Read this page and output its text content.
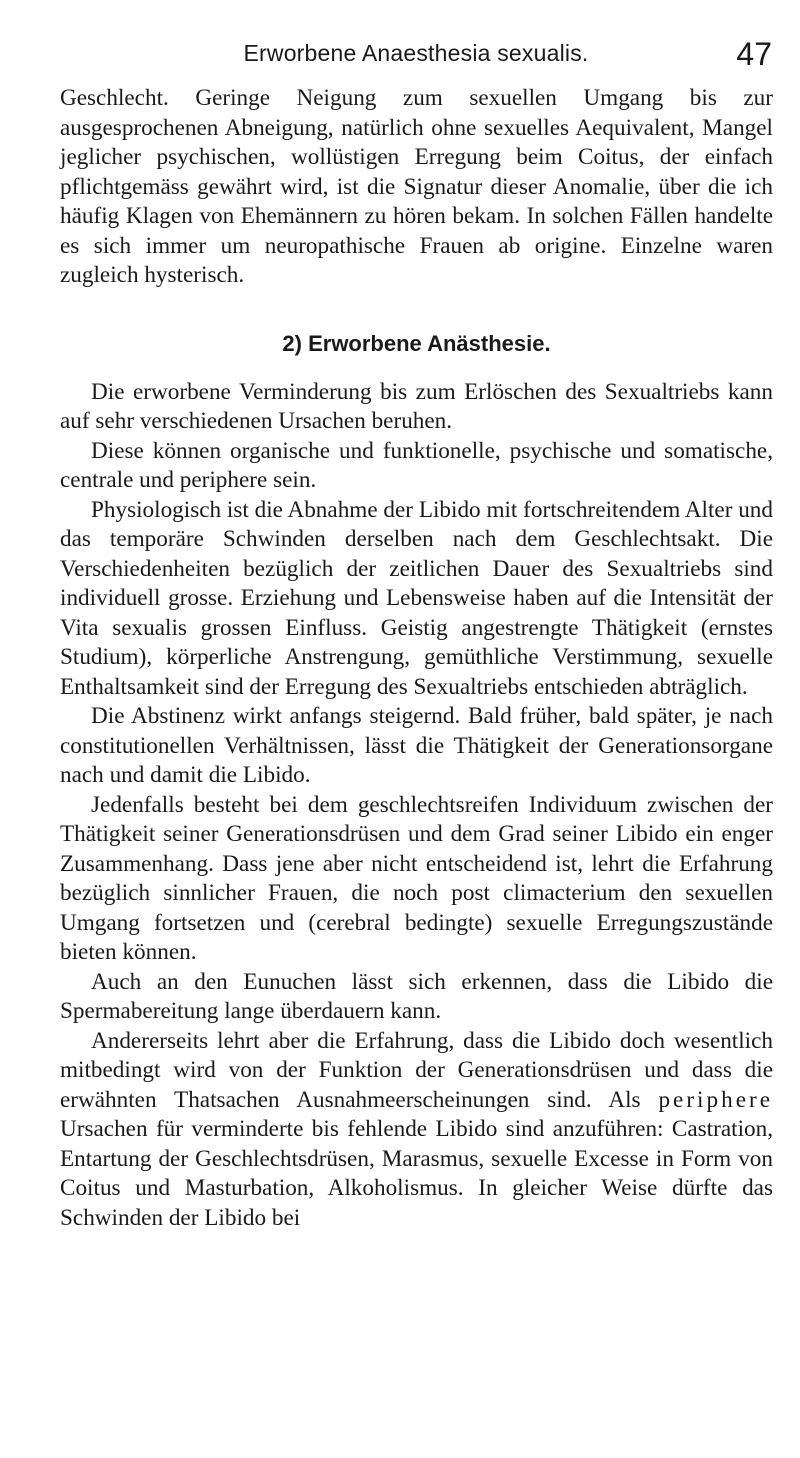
Erworbene Anaesthesia sexualis.	47

Geschlecht. Geringe Neigung zum sexuellen Umgang bis zur ausgesprochenen Abneigung, natürlich ohne sexuelles Aequivalent, Mangel jeglicher psychischen, wollüstigen Erregung beim Coitus, der einfach pflichtgemäss gewährt wird, ist die Signatur dieser Anomalie, über die ich häufig Klagen von Ehemännern zu hören bekam. In solchen Fällen handelte es sich immer um neuropathische Frauen ab origine. Einzelne waren zugleich hysterisch.

2) Erworbene Anästhesie.

Die erworbene Verminderung bis zum Erlöschen des Sexualtriebs kann auf sehr verschiedenen Ursachen beruhen.

Diese können organische und funktionelle, psychische und somatische, centrale und periphere sein.

Physiologisch ist die Abnahme der Libido mit fortschreitendem Alter und das temporäre Schwinden derselben nach dem Geschlechtsakt. Die Verschiedenheiten bezüglich der zeitlichen Dauer des Sexualtriebs sind individuell grosse. Erziehung und Lebensweise haben auf die Intensität der Vita sexualis grossen Einfluss. Geistig angestrengte Thätigkeit (ernstes Studium), körperliche Anstrengung, gemüthliche Verstimmung, sexuelle Enthaltsamkeit sind der Erregung des Sexualtriebs entschieden abträglich.

Die Abstinenz wirkt anfangs steigernd. Bald früher, bald später, je nach constitutionellen Verhältnissen, lässt die Thätigkeit der Generationsorgane nach und damit die Libido.

Jedenfalls besteht bei dem geschlechtsreifen Individuum zwischen der Thätigkeit seiner Generationsdrüsen und dem Grad seiner Libido ein enger Zusammenhang. Dass jene aber nicht entscheidend ist, lehrt die Erfahrung bezüglich sinnlicher Frauen, die noch post climacterium den sexuellen Umgang fortsetzen und (cerebral bedingte) sexuelle Erregungszustände bieten können.

Auch an den Eunuchen lässt sich erkennen, dass die Libido die Spermabereitung lange überdauern kann.

Andererseits lehrt aber die Erfahrung, dass die Libido doch wesentlich mitbedingt wird von der Funktion der Generationsdrüsen und dass die erwähnten Thatsachen Ausnahmeerscheinungen sind. Als periphere Ursachen für verminderte bis fehlende Libido sind anzuführen: Castration, Entartung der Geschlechtsdrüsen, Marasmus, sexuelle Excesse in Form von Coitus und Masturbation, Alkoholismus. In gleicher Weise dürfte das Schwinden der Libido bei
